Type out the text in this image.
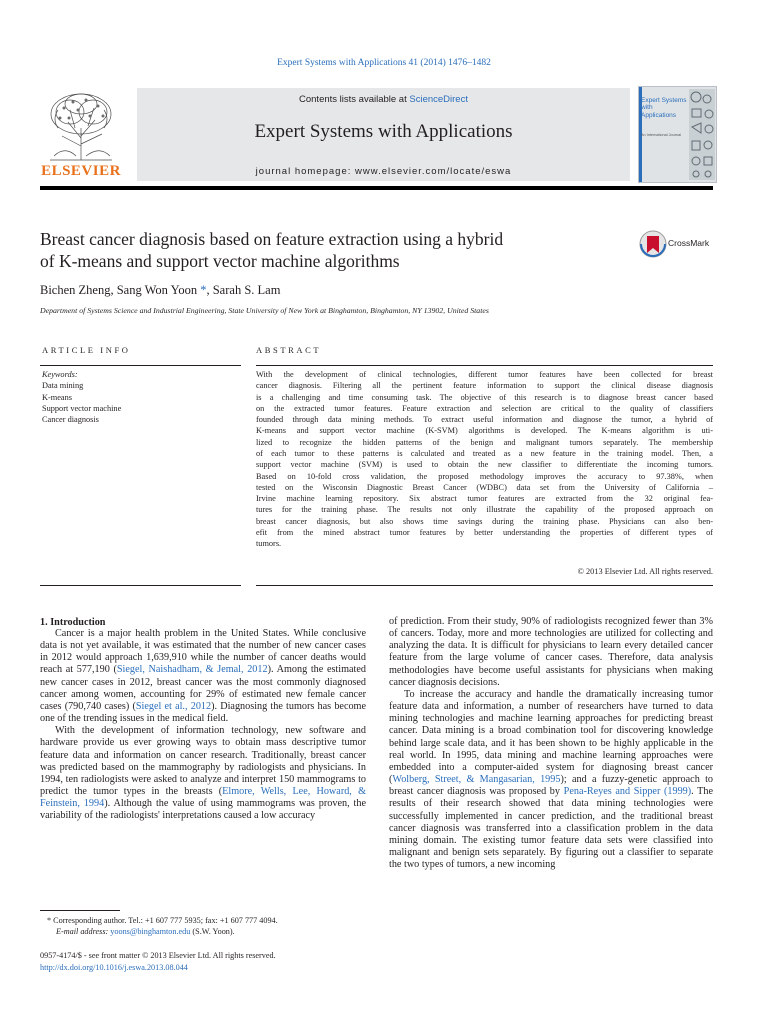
Expert Systems with Applications 41 (2014) 1476–1482
ELSEVIER
Contents lists available at ScienceDirect
Expert Systems with Applications
journal homepage: www.elsevier.com/locate/eswa
Expert Systems with Applications
An International Journal
Breast cancer diagnosis based on feature extraction using a hybrid
of K-means and support vector machine algorithms
CrossMark
Bichen Zheng, Sang Won Yoon *, Sarah S. Lam
Department of Systems Science and Industrial Engineering, State University of New York at Binghamton, Binghamton, NY 13902, United States
ARTICLE INFO	ABSTRACT
Keywords:
Data mining
K-means
Support vector machine
Cancer diagnosis
With the development of clinical technologies, different tumor features have been collected for breast
cancer diagnosis. Filtering all the pertinent feature information to support the clinical disease diagnosis
is a challenging and time consuming task. The objective of this research is to diagnose breast cancer based
on the extracted tumor features. Feature extraction and selection are critical to the quality of classifiers
founded through data mining methods. To extract useful information and diagnose the tumor, a hybrid of
K-means and support vector machine (K-SVM) algorithms is developed. The K-means algorithm is uti-
lized to recognize the hidden patterns of the benign and malignant tumors separately. The membership
of each tumor to these patterns is calculated and treated as a new feature in the training model. Then, a
support vector machine (SVM) is used to obtain the new classifier to differentiate the incoming tumors.
Based on 10-fold cross validation, the proposed methodology improves the accuracy to 97.38%, when
tested on the Wisconsin Diagnostic Breast Cancer (WDBC) data set from the University of California –
Irvine machine learning repository. Six abstract tumor features are extracted from the 32 original fea-
tures for the training phase. The results not only illustrate the capability of the proposed approach on
breast cancer diagnosis, but also shows time savings during the training phase. Physicians can also ben-
efit from the mined abstract tumor features by better understanding the properties of different types of
tumors.
© 2013 Elsevier Ltd. All rights reserved.
1. Introduction

Cancer is a major health problem in the United States. While conclusive data is not yet available, it was estimated that the number of new cancer cases in 2012 would approach 1,639,910 while the number of cancer deaths would reach at 577,190 (Siegel, Naishadham, & Jemal, 2012). Among the estimated new cancer cases in 2012, breast cancer was the most commonly diagnosed cancer among women, accounting for 29% of estimated new female cancer cases (790,740 cases) (Siegel et al., 2012). Diagnosing the tumors has become one of the trending issues in the medical field.

With the development of information technology, new software and hardware provide us ever growing ways to obtain mass descriptive tumor feature data and information on cancer research. Traditionally, breast cancer was predicted based on the mammography by radiologists and physicians. In 1994, ten radiologists were asked to analyze and interpret 150 mammograms to predict the tumor types in the breasts (Elmore, Wells, Lee, Howard, & Feinstein, 1994). Although the value of using mammograms was proven, the variability of the radiologists' interpretations caused a low accuracy

of prediction. From their study, 90% of radiologists recognized fewer than 3% of cancers. Today, more and more technologies are utilized for collecting and analyzing the data. It is difficult for physicians to learn every detailed cancer feature from the large volume of cancer cases. Therefore, data analysis methodologies have become useful assistants for physicians when making cancer diagnosis decisions.

To increase the accuracy and handle the dramatically increasing tumor feature data and information, a number of researchers have turned to data mining technologies and machine learning approaches for predicting breast cancer. Data mining is a broad combination tool for discovering knowledge behind large scale data, and it has been shown to be highly applicable in the real world. In 1995, data mining and machine learning approaches were embedded into a computer-aided system for diagnosing breast cancer (Wolberg, Street, & Mangasarian, 1995); and a fuzzy-genetic approach to breast cancer diagnosis was proposed by Pena-Reyes and Sipper (1999). The results of their research showed that data mining technologies were successfully implemented in cancer prediction, and the traditional breast cancer diagnosis was transferred into a classification problem in the data mining domain. The existing tumor feature data sets were classified into malignant and benign sets separately. By figuring out a classifier to separate the two types of tumors, a new incoming

* Corresponding author. Tel.: +1 607 777 5935; fax: +1 607 777 4094.
E-mail address: yoons@binghamton.edu (S.W. Yoon).
0957-4174/$ - see front matter © 2013 Elsevier Ltd. All rights reserved.
http://dx.doi.org/10.1016/j.eswa.2013.08.044
